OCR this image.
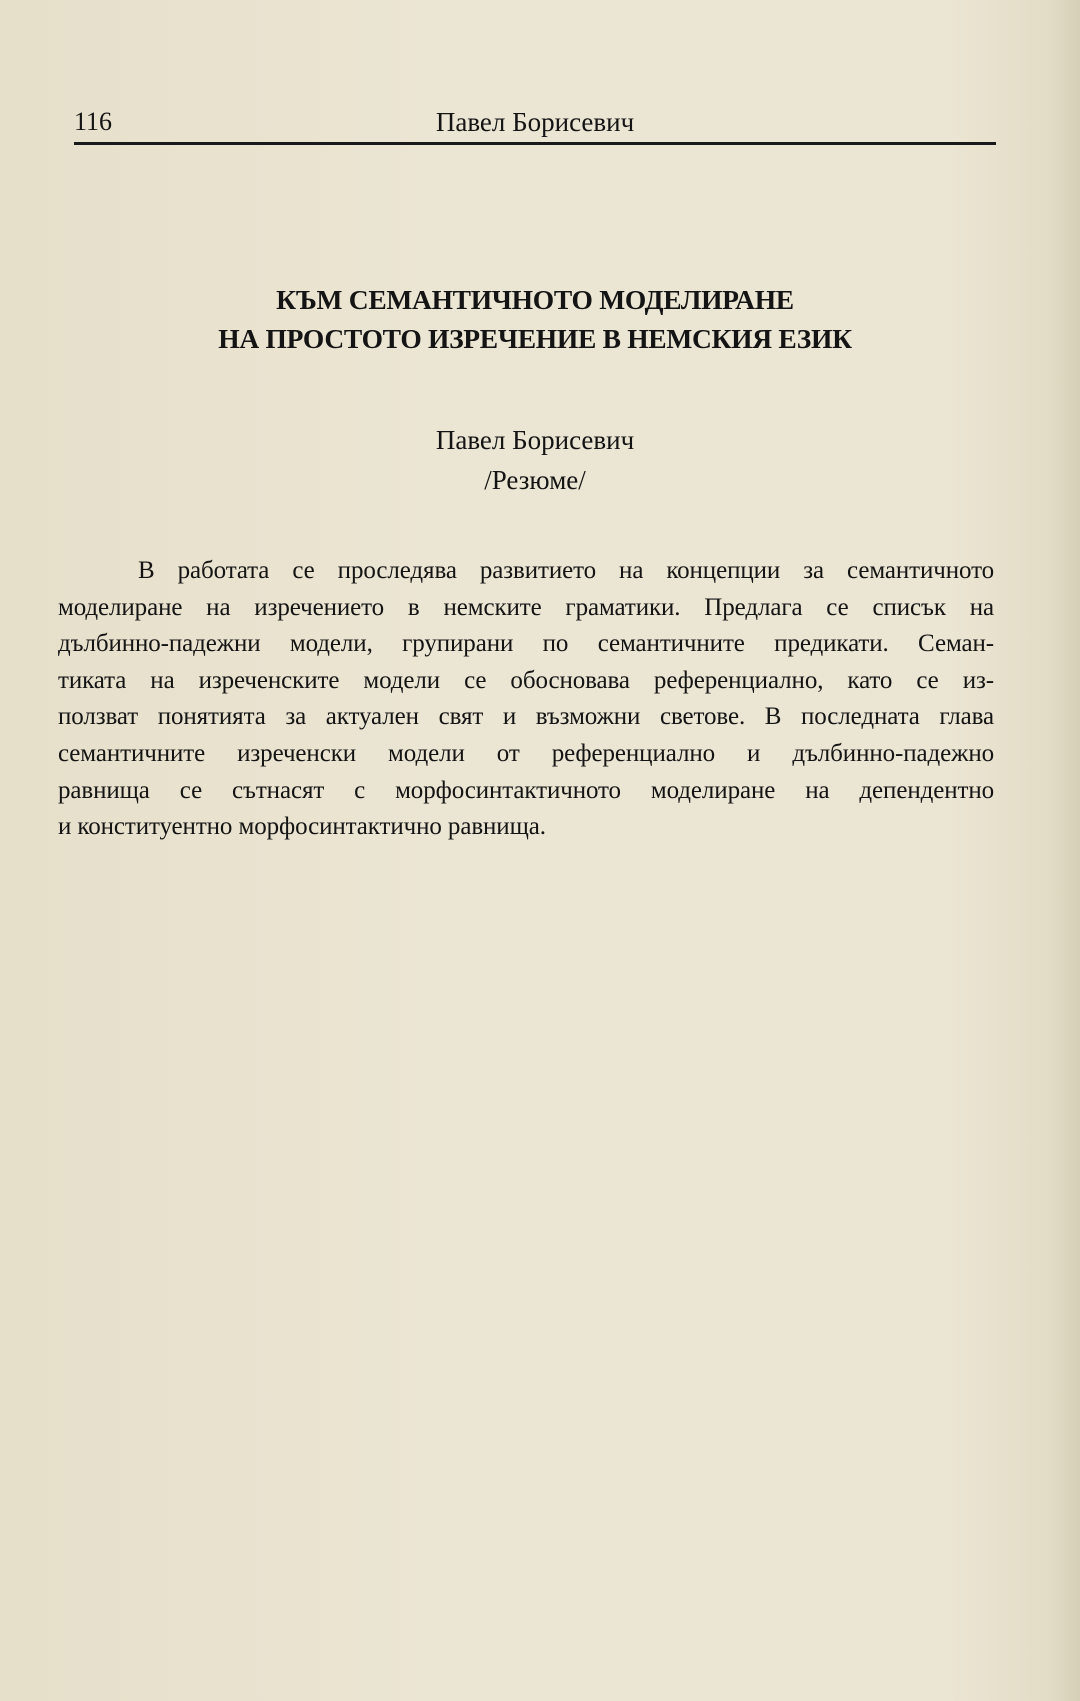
116	Павел Борисевич
КЪМ СЕМАНТИЧНОТО МОДЕЛИРАНЕ
НА ПРОСТОТО ИЗРЕЧЕНИЕ В НЕМСКИЯ ЕЗИК
Павел Борисевич
/Резюме/
В работата се проследява развитието на концепции за семантичното
моделиране на изречението в немските граматики. Предлага се списък на
дълбинно-падежни модели, групирани по семантичните предикати. Семан-
тиката на изреченските модели се обосновава референциално, като се из-
ползват понятията за актуален свят и възможни светове. В последната глава
семантичните изреченски модели от референциално и дълбинно-падежно
равнища се сътнасят с морфосинтактичното моделиране на депендентно
и конституентно морфосинтактично равнища.
